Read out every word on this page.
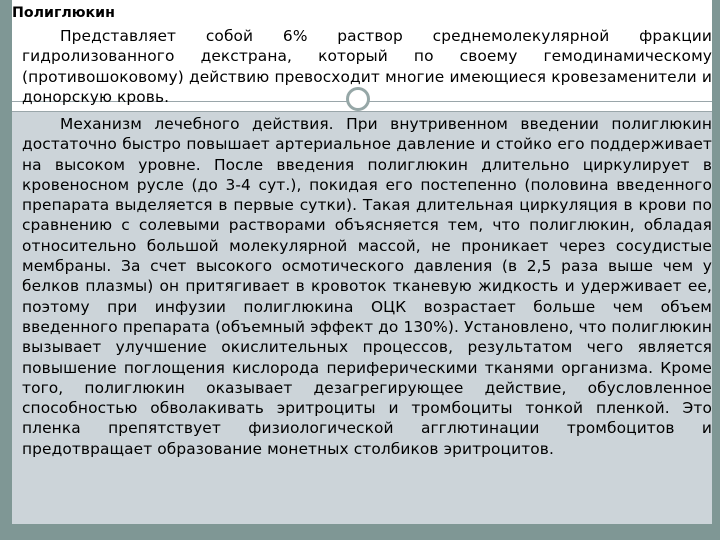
Полиглюкин

Представляет собой 6% раствор среднемолекулярной фракции гидролизованного декстрана, который по своему гемодинамическому (противошоковому) действию превосходит многие имеющиеся кровезаменители и донорскую кровь.

Механизм лечебного действия. При внутривенном введении полиглюкин достаточно быстро повышает артериальное давление и стойко его поддерживает на высоком уровне. После введения полиглюкин длительно циркулирует в кровеносном русле (до 3-4 сут.), покидая его постепенно (половина введенного препарата выделяется в первые сутки). Такая длительная циркуляция в крови по сравнению с солевыми растворами объясняется тем, что полиглюкин, обладая относительно большой молекулярной массой, не проникает через сосудистые мембраны. За счет высокого осмотического давления (в 2,5 раза выше чем у белков плазмы) он притягивает в кровоток тканевую жидкость и удерживает ее, поэтому при инфузии полиглюкина ОЦК возрастает больше чем объем введенного препарата (объемный эффект до 130%). Установлено, что полиглюкин вызывает улучшение окислительных процессов, результатом чего является повышение поглощения кислорода периферическими тканями организма. Кроме того, полиглюкин оказывает дезагрегирующее действие, обусловленное способностью обволакивать эритроциты и тромбоциты тонкой пленкой. Это пленка препятствует физиологической агглютинации тромбоцитов и предотвращает образование монетных столбиков эритроцитов.
